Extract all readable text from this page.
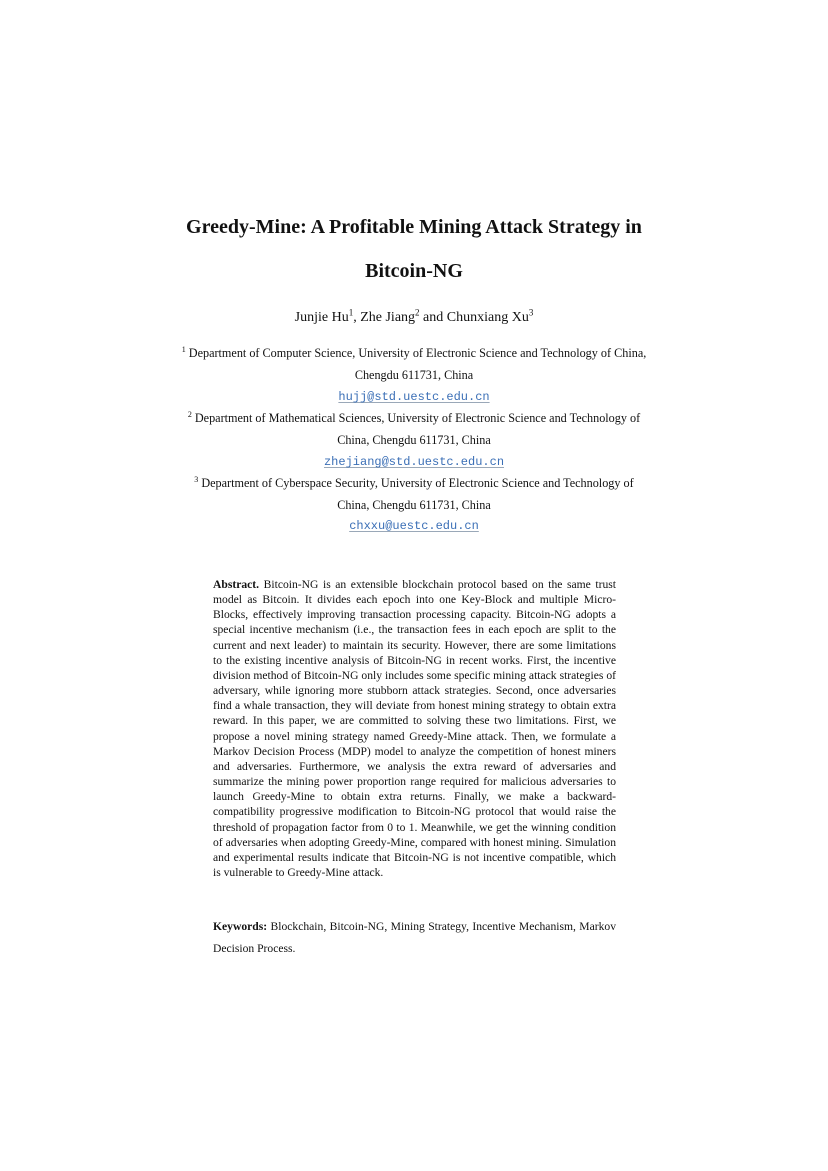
Greedy-Mine: A Profitable Mining Attack Strategy in
Bitcoin-NG
Junjie Hu$^1$, Zhe Jiang$^2$ and Chunxiang Xu$^3$
$^1$ Department of Computer Science, University of Electronic Science and Technology of China,
Chengdu 611731, China
hujj@std.uestc.edu.cn
$^2$ Department of Mathematical Sciences, University of Electronic Science and Technology of
China, Chengdu 611731, China
zhejiang@std.uestc.edu.cn
$^3$ Department of Cyberspace Security, University of Electronic Science and Technology of
China, Chengdu 611731, China
chxxu@uestc.edu.cn
Abstract. Bitcoin-NG is an extensible blockchain protocol based on the same trust model as Bitcoin. It divides each epoch into one Key-Block and multiple Micro-Blocks, effectively improving transaction processing capacity. Bitcoin-NG adopts a special incentive mechanism (i.e., the transaction fees in each epoch are split to the current and next leader) to maintain its security. However, there are some limitations to the existing incentive analysis of Bitcoin-NG in recent works. First, the incentive division method of Bitcoin-NG only includes some specific mining attack strategies of adversary, while ignoring more stubborn attack strategies. Second, once adversaries find a whale transaction, they will deviate from honest mining strategy to obtain extra reward. In this paper, we are committed to solving these two limitations. First, we propose a novel mining strategy named Greedy-Mine attack. Then, we formulate a Markov Decision Process (MDP) model to analyze the competition of honest miners and adversaries. Furthermore, we analysis the extra reward of adversaries and summarize the mining power proportion range required for malicious adversaries to launch Greedy-Mine to obtain extra returns. Finally, we make a backward-compatibility progressive modification to Bitcoin-NG protocol that would raise the threshold of propagation factor from 0 to 1. Meanwhile, we get the winning condition of adversaries when adopting Greedy-Mine, compared with honest mining. Simulation and experimental results indicate that Bitcoin-NG is not incentive compatible, which is vulnerable to Greedy-Mine attack.
Keywords: Blockchain, Bitcoin-NG, Mining Strategy, Incentive Mechanism, Markov Decision Process.
